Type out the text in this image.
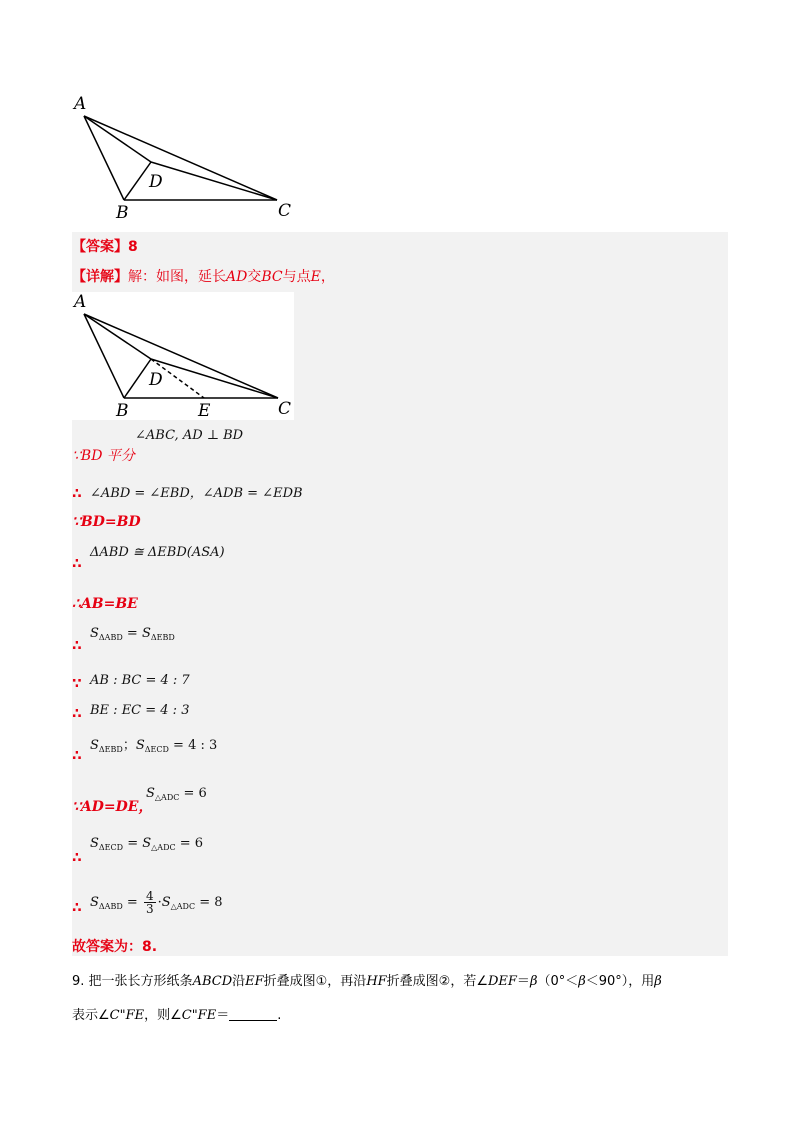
A
B	C
D
【答案】8
【详解】解：如图，延长AD交BC与点E，
A
B	C
D
E
∠ABC, AD ⊥ BD
∵BD 平分
∠ABD = ∠EBD，∠ADB = ∠EDB
∴
∵BD=BD
ΔABD ≅ ΔEBD(ASA)
∴
∴AB=BE
$S_{\Delta ABD} = S_{\Delta EBD}$
∴
∵ AB : BC = 4 : 7
∴ BE : EC = 4 : 3
$S_{\Delta EBD}$；$S_{\Delta ECD} = 4$ : 3
∴
$S_{\triangle ADC} = 6$
∵AD=DE，
$S_{\Delta ECD} = S_{\triangle ADC} = 6$
∴
$S_{\Delta ABD} = \frac{4}{3} \cdot S_{\triangle ADC} = 8$
∴
故答案为：8.
9. 把一张长方形纸条ABCD沿EF折叠成图①，再沿HF折叠成图②，若∠DEF＝β（0°＜β＜90°），用β
表示∠C"FE，则∠C"FE＝	.
